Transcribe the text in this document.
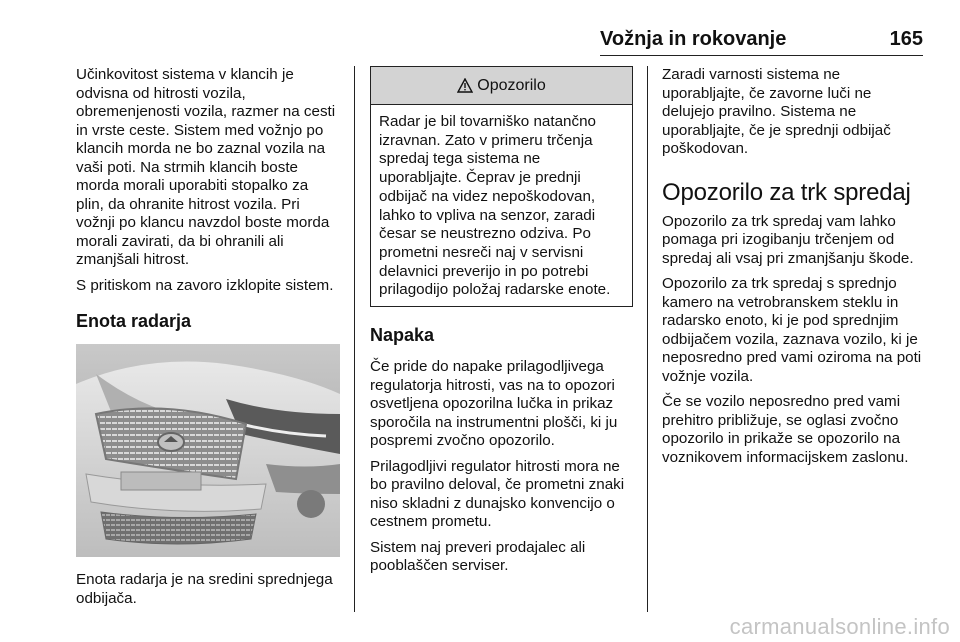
Vožnja in rokovanje	165

Učinkovitost sistema v klancih je odvisna od hitrosti vozila, obremenjenosti vozila, razmer na cesti in vrste ceste. Sistem med vožnjo po klancih morda ne bo zaznal vozila na vaši poti. Na strmih klancih boste morda morali uporabiti stopalko za plin, da ohranite hitrost vozila. Pri vožnji po klancu navzdol boste morda morali zavirati, da bi ohranili ali zmanjšali hitrost.

S pritiskom na zavoro izklopite sistem.

Enota radarja

Enota radarja je na sredini sprednjega odbijača.

Opozorilo

Radar je bil tovarniško natančno izravnan. Zato v primeru trčenja spredaj tega sistema ne uporabljajte. Čeprav je prednji odbijač na videz nepoškodovan, lahko to vpliva na senzor, zaradi česar se neustrezno odziva. Po prometni nesreči naj v servisni delavnici preverijo in po potrebi prilagodijo položaj radarske enote.

Napaka

Če pride do napake prilagodljivega regulatorja hitrosti, vas na to opozori osvetljena opozorilna lučka in prikaz sporočila na instrumentni plošči, ki ju pospremi zvočno opozorilo.

Prilagodljivi regulator hitrosti mora ne bo pravilno deloval, če prometni znaki niso skladni z dunajsko konvencijo o cestnem prometu.

Sistem naj preveri prodajalec ali pooblaščen serviser.

Zaradi varnosti sistema ne uporabljajte, če zavorne luči ne delujejo pravilno. Sistema ne uporabljajte, če je sprednji odbijač poškodovan.

Opozorilo za trk spredaj

Opozorilo za trk spredaj vam lahko pomaga pri izogibanju trčenjem od spredaj ali vsaj pri zmanjšanju škode.

Opozorilo za trk spredaj s sprednjo kamero na vetrobranskem steklu in radarsko enoto, ki je pod sprednjim odbijačem vozila, zaznava vozilo, ki je neposredno pred vami oziroma na poti vožnje vozila.

Če se vozilo neposredno pred vami prehitro približuje, se oglasi zvočno opozorilo in prikaže se opozorilo na voznikovem informacijskem zaslonu.

carmanualsonline.info
